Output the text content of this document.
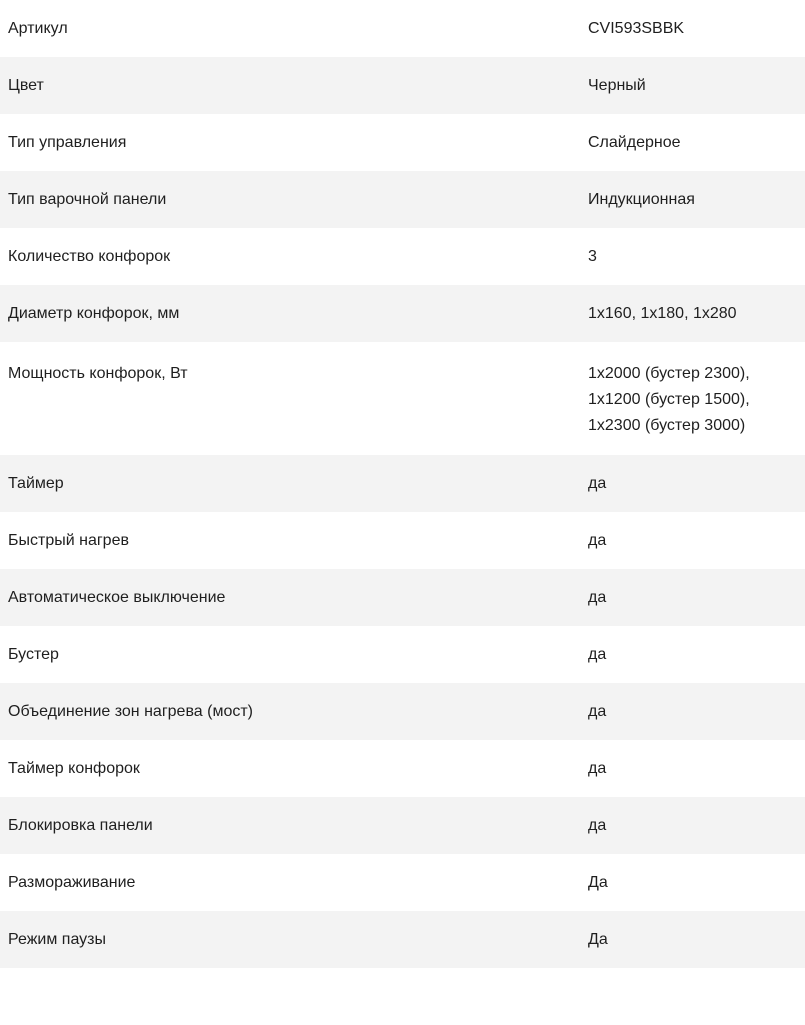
Артикул	CVI593SBBK
Цвет	Черный
Тип управления	Слайдерное
Тип варочной панели	Индукционная
Количество конфорок	3
Диаметр конфорок, мм	1x160, 1x180, 1x280
Мощность конфорок, Вт	1x2000 (бустер 2300),
1x1200 (бустер 1500),
1x2300 (бустер 3000)
Таймер	да
Быстрый нагрев	да
Автоматическое выключение	да
Бустер	да
Объединение зон нагрева (мост)	да
Таймер конфорок	да
Блокировка панели	да
Размораживание	Да
Режим паузы	Да
